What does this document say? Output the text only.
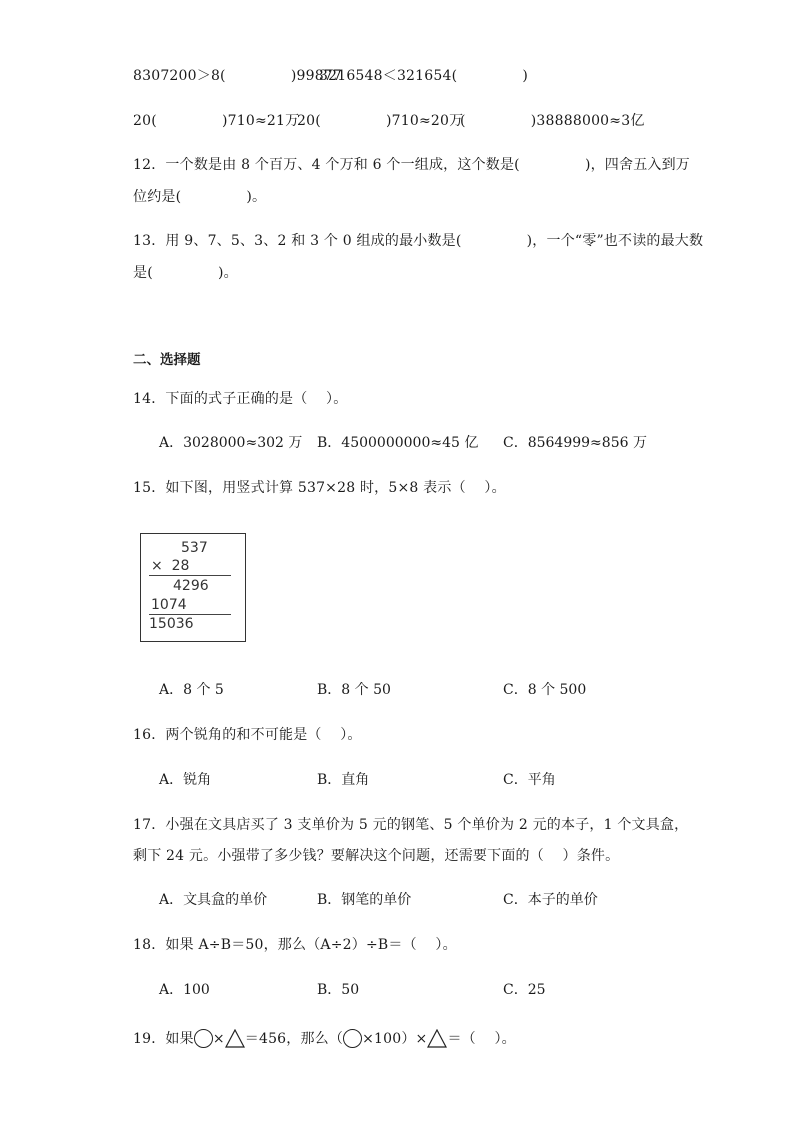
8307200＞8(              )99877
3216548＜321654(              )
20(              )710≈21万
20(              )710≈20万
(              )38888000≈3亿
12．一个数是由 8 个百万、4 个万和 6 个一组成，这个数是(              )，四舍五入到万
位约是(              )。
13．用 9、7、5、3、2 和 3 个 0 组成的最小数是(              )，一个“零”也不读的最大数
是(              )。
二、选择题
14．下面的式子正确的是（    ）。
A．3028000≈302 万 B．4500000000≈45 亿 C．8564999≈856 万
15．如下图，用竖式计算 537×28 时，5×8 表示（    ）。
537
×  28
4296
1074
15036
A．8 个 5	B．8 个 50	C．8 个 500
16．两个锐角的和不可能是（    ）。
A．锐角	B．直角	C．平角
17．小强在文具店买了 3 支单价为 5 元的钢笔、5 个单价为 2 元的本子，1 个文具盒，
剩下 24 元。小强带了多少钱？要解决这个问题，还需要下面的（    ）条件。
A．文具盒的单价	B．钢笔的单价	C．本子的单价
18．如果 A÷B＝50，那么（A÷2）÷B＝（    ）。
A．100	B．50	C．25
19．如果 × ＝456，那么（ ×100）× ＝（    ）。
